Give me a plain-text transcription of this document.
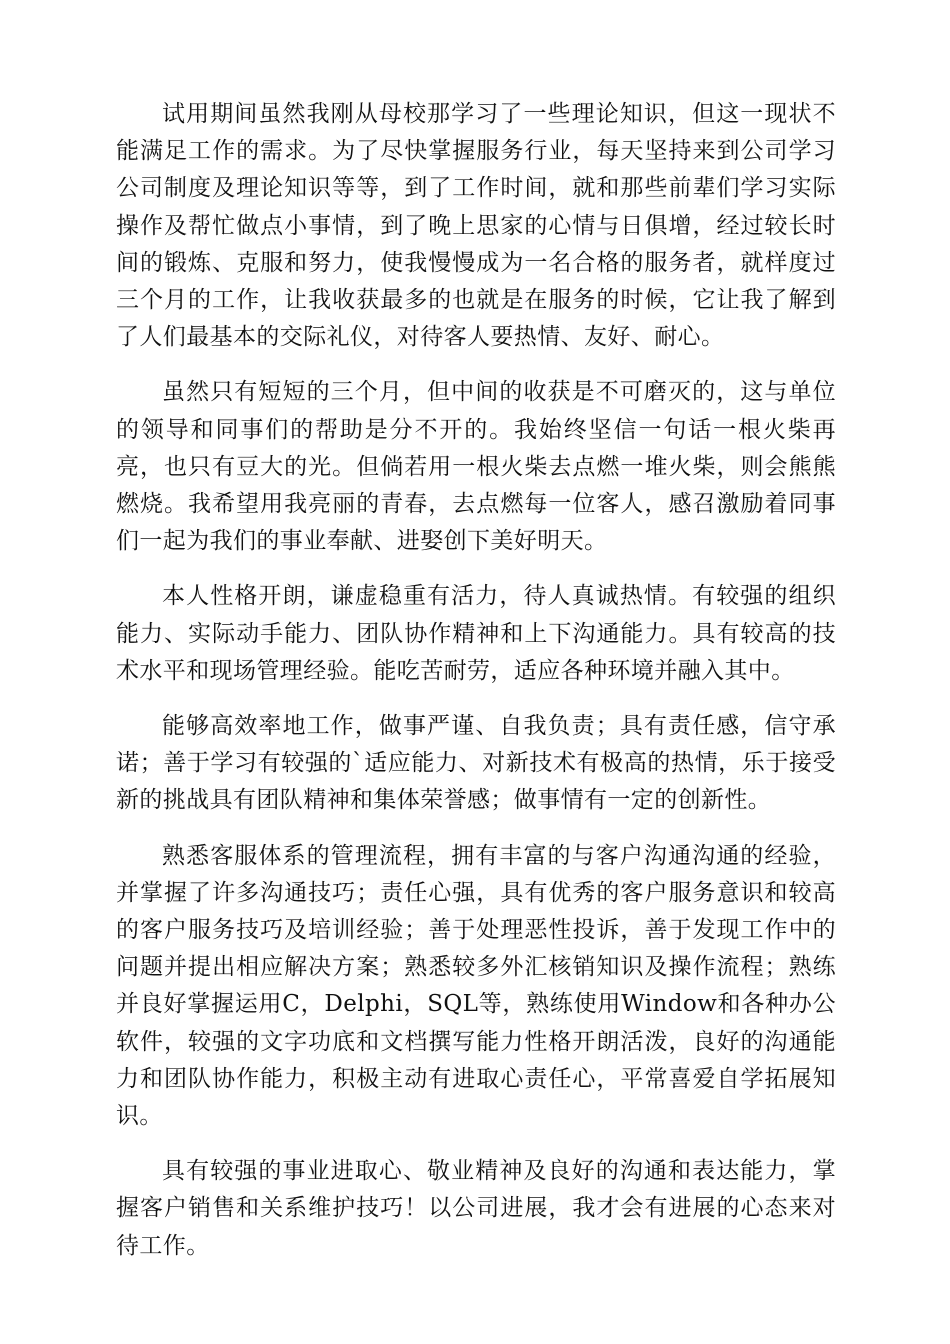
试用期间虽然我刚从母校那学习了一些理论知识，但这一现状不能满足工作的需求。为了尽快掌握服务行业，每天坚持来到公司学习公司制度及理论知识等等，到了工作时间，就和那些前辈们学习实际操作及帮忙做点小事情，到了晚上思家的心情与日俱增，经过较长时间的锻炼、克服和努力，使我慢慢成为一名合格的服务者，就样度过三个月的工作，让我收获最多的也就是在服务的时候，它让我了解到了人们最基本的交际礼仪，对待客人要热情、友好、耐心。

虽然只有短短的三个月，但中间的收获是不可磨灭的，这与单位的领导和同事们的帮助是分不开的。我始终坚信一句话一根火柴再亮，也只有豆大的光。但倘若用一根火柴去点燃一堆火柴，则会熊熊燃烧。我希望用我亮丽的青春，去点燃每一位客人，感召激励着同事们一起为我们的事业奉献、进娶创下美好明天。

本人性格开朗，谦虚稳重有活力，待人真诚热情。有较强的组织能力、实际动手能力、团队协作精神和上下沟通能力。具有较高的技术水平和现场管理经验。能吃苦耐劳，适应各种环境并融入其中。

能够高效率地工作，做事严谨、自我负责；具有责任感，信守承诺；善于学习有较强的`适应能力、对新技术有极高的热情，乐于接受新的挑战具有团队精神和集体荣誉感；做事情有一定的创新性。

熟悉客服体系的管理流程，拥有丰富的与客户沟通沟通的经验，并掌握了许多沟通技巧；责任心强，具有优秀的客户服务意识和较高的客户服务技巧及培训经验；善于处理恶性投诉，善于发现工作中的问题并提出相应解决方案；熟悉较多外汇核销知识及操作流程；熟练并良好掌握运用C，Delphi，SQL等，熟练使用Window和各种办公软件，较强的文字功底和文档撰写能力性格开朗活泼，良好的沟通能力和团队协作能力，积极主动有进取心责任心，平常喜爱自学拓展知识。

具有较强的事业进取心、敬业精神及良好的沟通和表达能力，掌握客户销售和关系维护技巧！以公司进展，我才会有进展的心态来对待工作。
